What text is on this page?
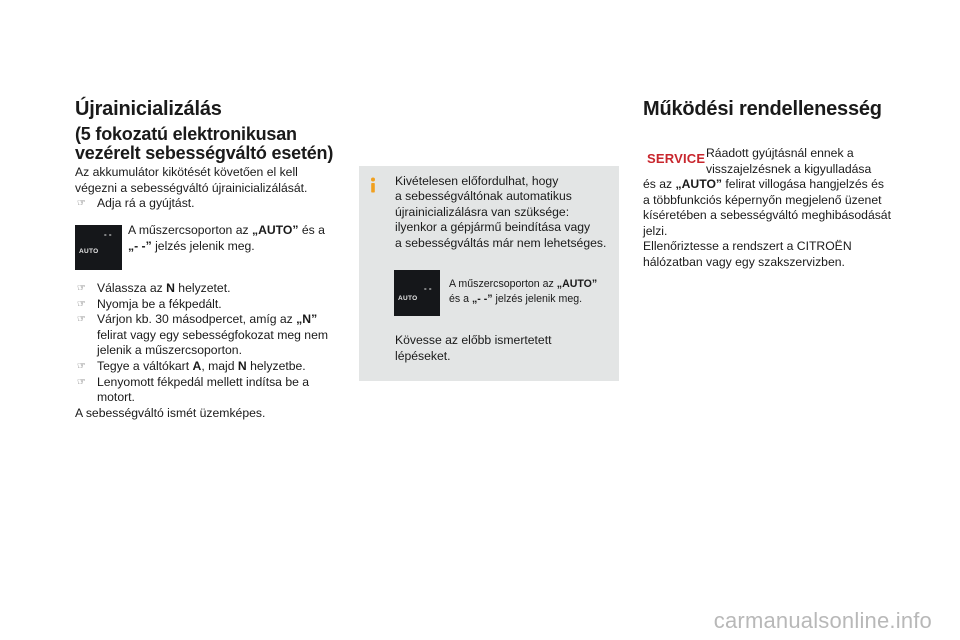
Újrainicializálás
(5 fokozatú elektronikusan
vezérelt sebességváltó esetén)
Az akkumulátor kikötését követően el kell
végezni a sebességváltó újrainicializálását.
☞ Adja rá a gyújtást.
- -
AUTO
A műszercsoporton az „AUTO” és a
„- -” jelzés jelenik meg.
☞ Válassza az N helyzetet.
☞ Nyomja be a fékpedált.
☞ Várjon kb. 30 másodpercet, amíg az „N”
felirat vagy egy sebességfokozat meg nem
jelenik a műszercsoporton.
☞ Tegye a váltókart A, majd N helyzetbe.
☞ Lenyomott fékpedál mellett indítsa be a
motort.
A sebességváltó ismét üzemképes.
Kivételesen előfordulhat, hogy
a sebességváltónak automatikus
újrainicializálásra van szüksége:
ilyenkor a gépjármű beindítása vagy
a sebességváltás már nem lehetséges.
- -
AUTO
A műszercsoporton az „AUTO”
és a „- -” jelzés jelenik meg.
Kövesse az előbb ismertetett
lépéseket.
Működési rendellenesség
SERVICE Ráadott gyújtásnál ennek a
visszajelzésnek a kigyulladása
és az „AUTO” felirat villogása hangjelzés és
a többfunkciós képernyőn megjelenő üzenet
kíséretében a sebességváltó meghibásodását
jelzi.
Ellenőriztesse a rendszert a CITROËN
hálózatban vagy egy szakszervizben.
carmanualsonline.info
